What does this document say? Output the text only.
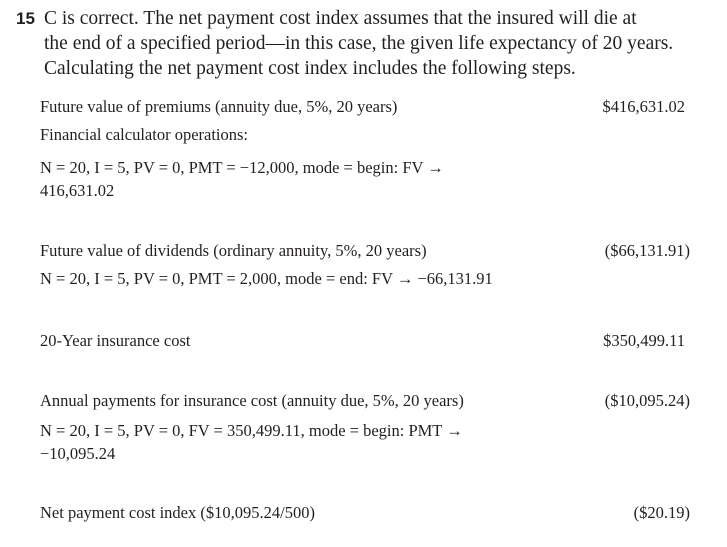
15 C is correct. The net payment cost index assumes that the insured will die at
the end of a specified period—in this case, the given life expectancy of 20 years.
Calculating the net payment cost index includes the following steps.
Future value of premiums (annuity due, 5%, 20 years)	$416,631.02
Financial calculator operations:
N = 20, I = 5, PV = 0, PMT = −12,000, mode = begin: FV →
416,631.02
Future value of dividends (ordinary annuity, 5%, 20 years)	($66,131.91)
N = 20, I = 5, PV = 0, PMT = 2,000, mode = end: FV → −66,131.91
20-Year insurance cost	$350,499.11
Annual payments for insurance cost (annuity due, 5%, 20 years)	($10,095.24)
N = 20, I = 5, PV = 0, FV = 350,499.11, mode = begin: PMT →
−10,095.24
Net payment cost index ($10,095.24/500)	($20.19)
